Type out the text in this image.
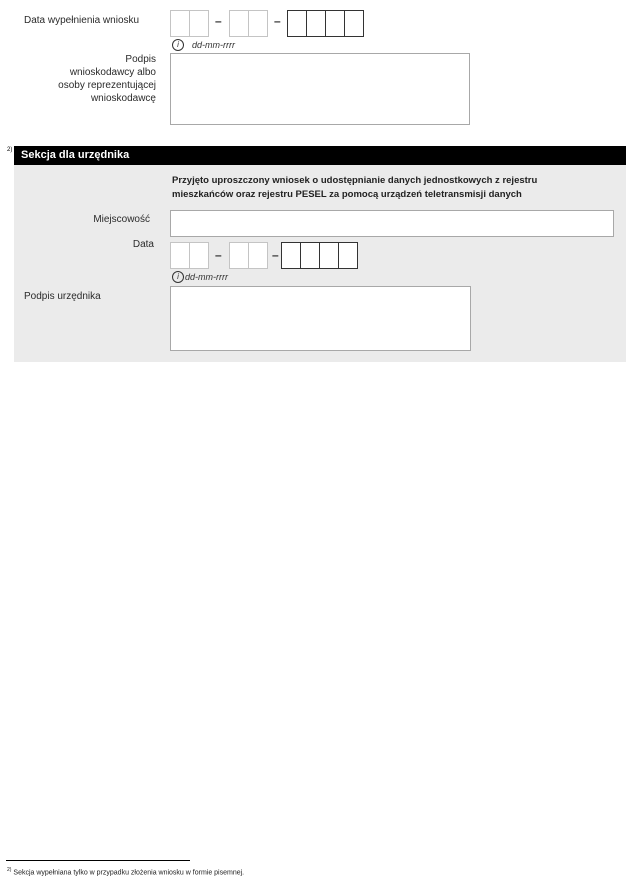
Data wypełnienia wniosku	–	–
i	dd-mm-rrrr
Podpis
wnioskodawcy albo
osoby reprezentującej
wnioskodawcę
2) Sekcja dla urzędnika
Przyjęto uproszczony wniosek o udostępnianie danych jednostkowych z rejestru mieszkańców oraz rejestru PESEL za pomocą urządzeń teletransmisji danych
Miejscowość
Data
–	–
i dd-mm-rrrr
Podpis urzędnika
$^{2)}$ Sekcja wypełniana tylko w przypadku złożenia wniosku w formie pisemnej.
